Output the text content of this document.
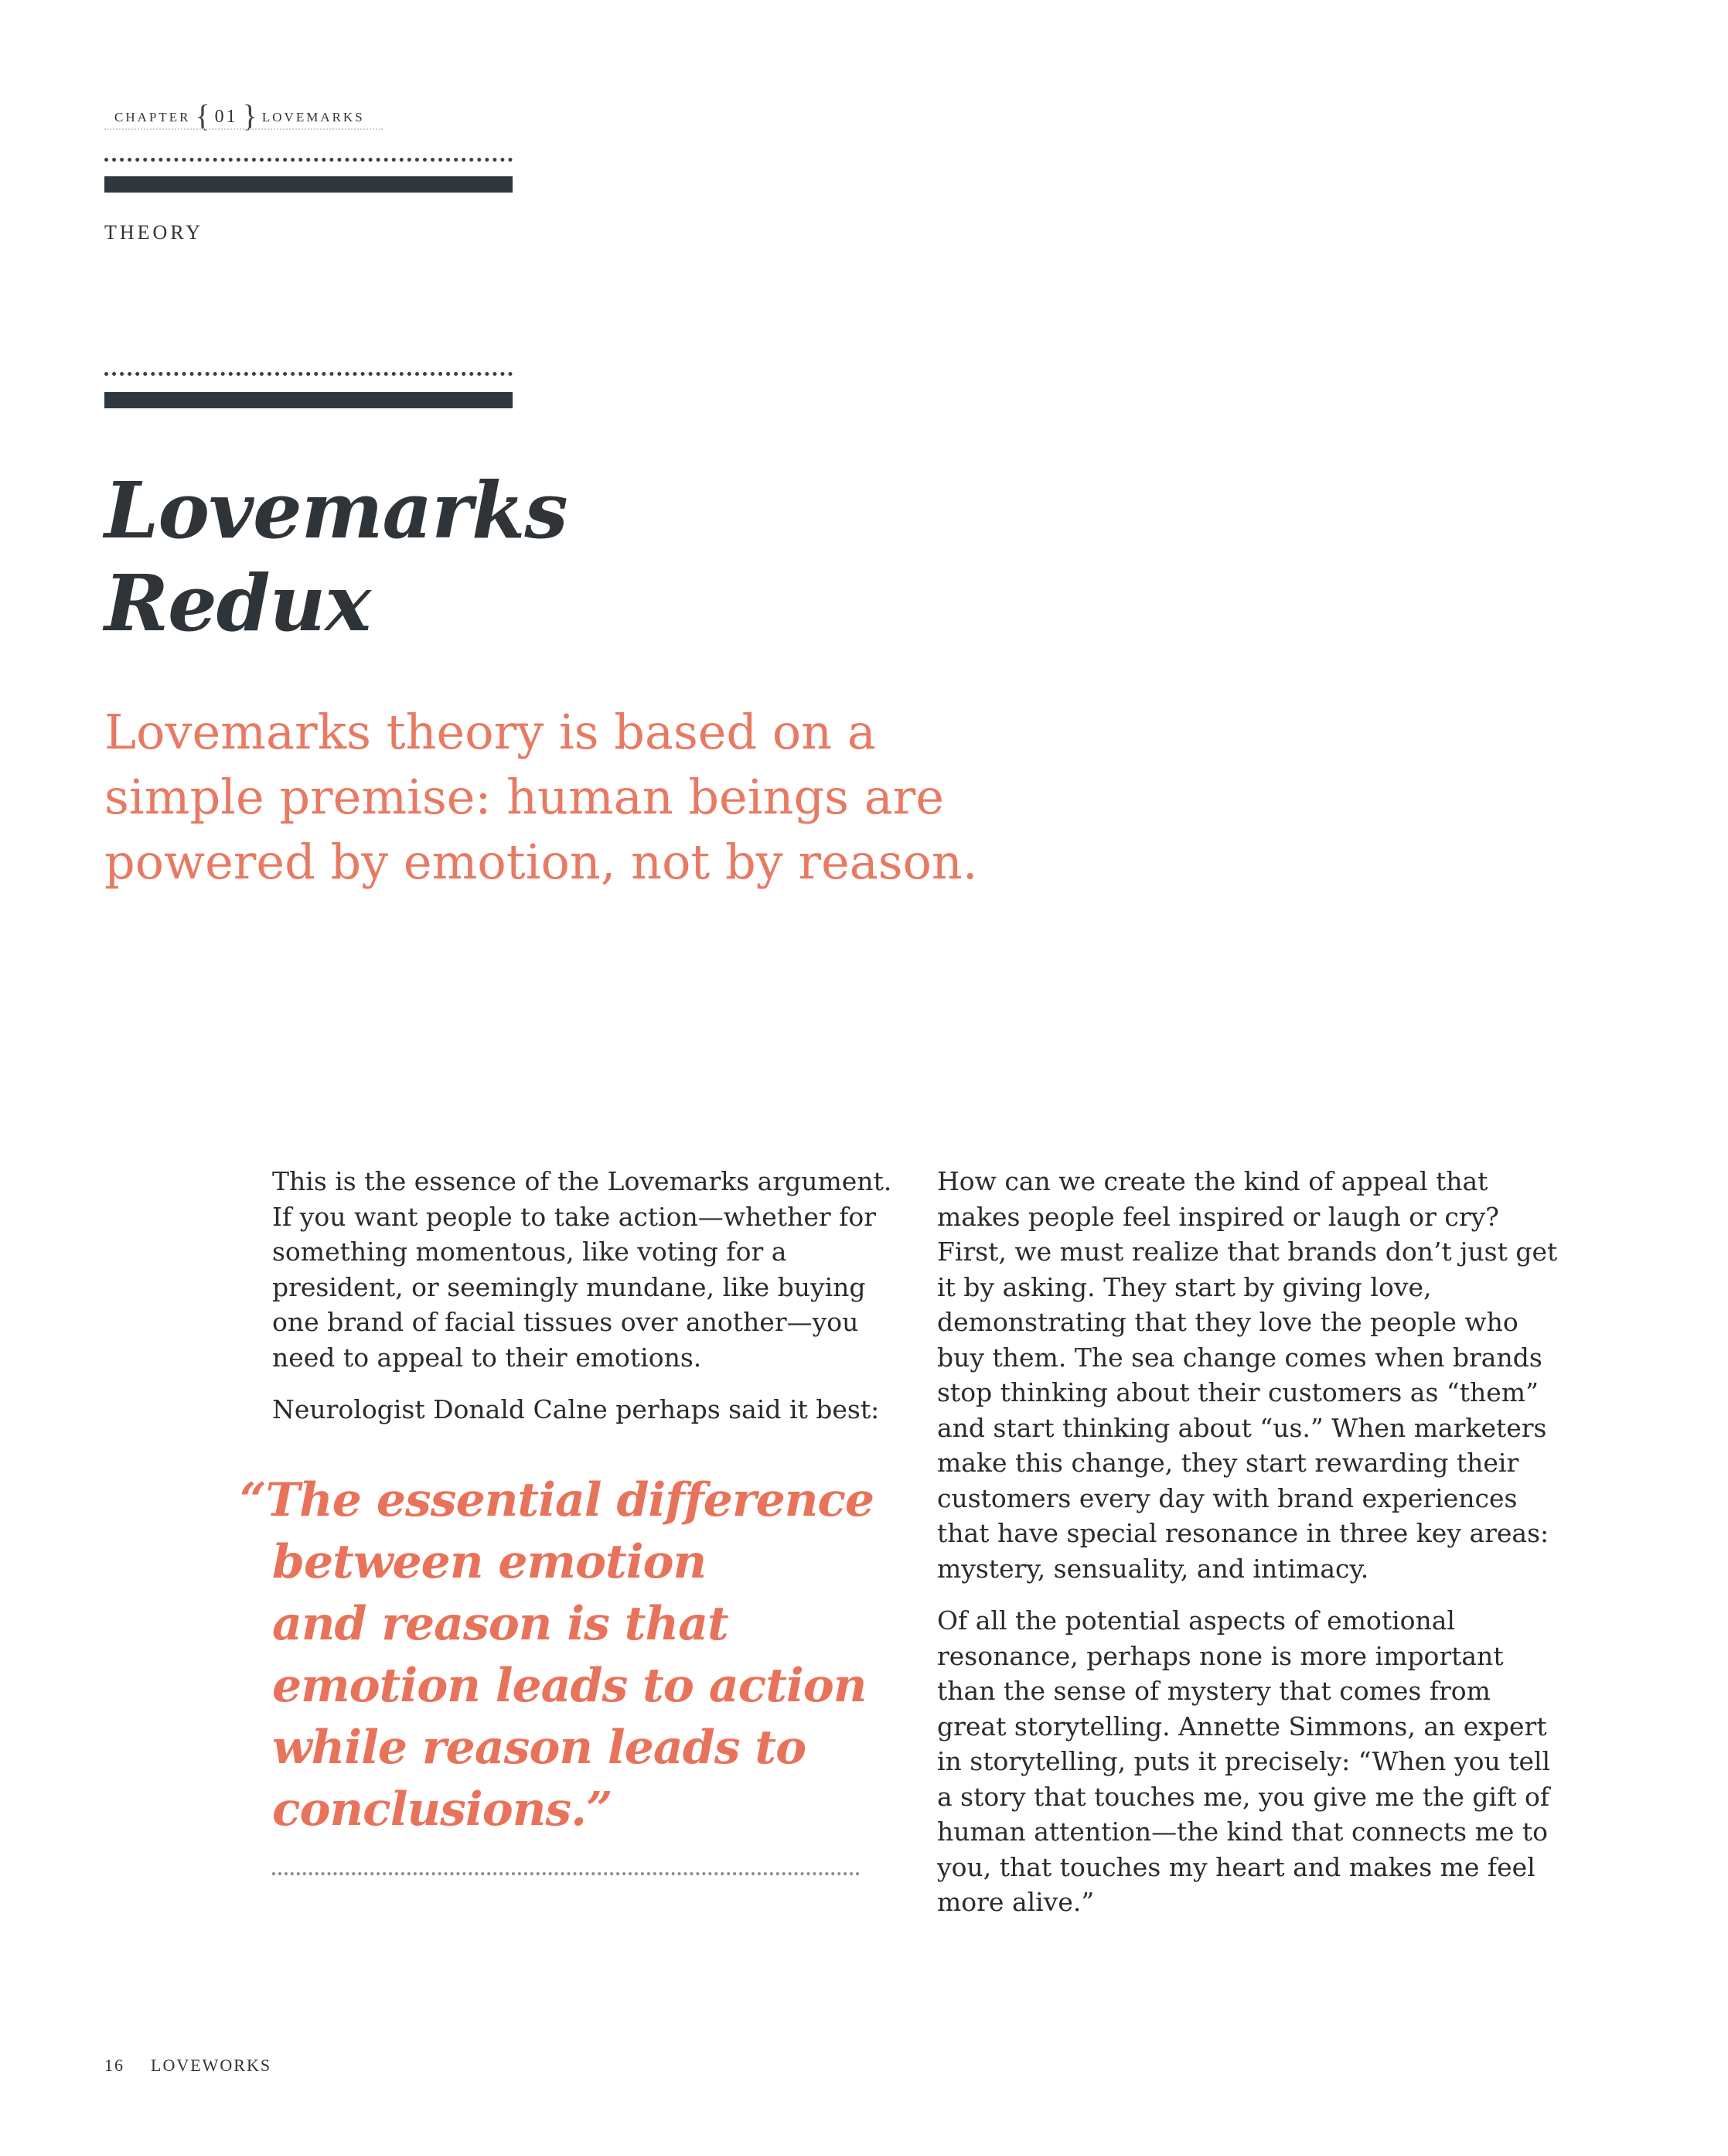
CHAPTER { 01 } LOVEMARKS
THEORY
Lovemarks
Redux

Lovemarks theory is based on a simple premise: human beings are powered by emotion, not by reason.

This is the essence of the Lovemarks argument. If you want people to take action—whether for something momentous, like voting for a president, or seemingly mundane, like buying one brand of facial tissues over another—you need to appeal to their emotions.

Neurologist Donald Calne perhaps said it best:

“The essential difference
between emotion
and reason is that
emotion leads to action
while reason leads to
conclusions.”

How can we create the kind of appeal that makes people feel inspired or laugh or cry? First, we must realize that brands don’t just get it by asking. They start by giving love, demonstrating that they love the people who buy them. The sea change comes when brands stop thinking about their customers as “them” and start thinking about “us.” When marketers make this change, they start rewarding their customers every day with brand experiences that have special resonance in three key areas: mystery, sensuality, and intimacy.

Of all the potential aspects of emotional resonance, perhaps none is more important than the sense of mystery that comes from great storytelling. Annette Simmons, an expert in storytelling, puts it precisely: “When you tell a story that touches me, you give me the gift of human attention—the kind that connects me to you, that touches my heart and makes me feel more alive.”

16 LOVEWORKS
